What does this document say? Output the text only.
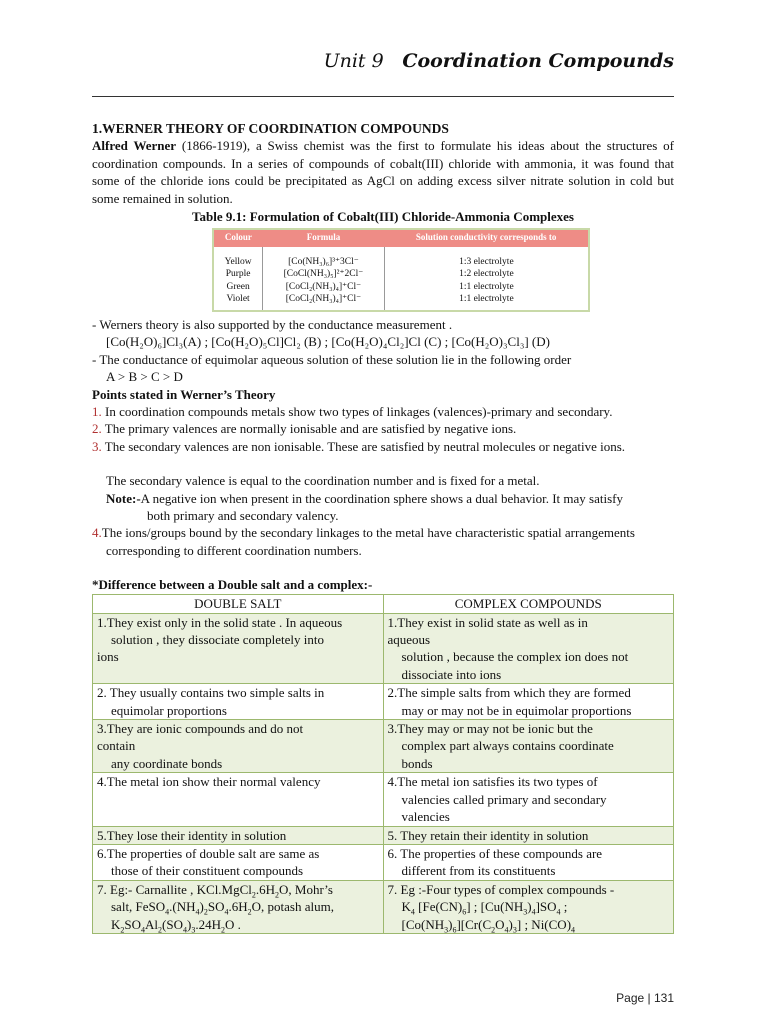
Unit 9 Coordination Compounds
1.WERNER THEORY OF COORDINATION COMPOUNDS
Alfred Werner (1866-1919), a Swiss chemist was the first to formulate his ideas about the structures of coordination compounds. In a series of compounds of cobalt(III) chloride with ammonia, it was found that some of the chloride ions could be precipitated as AgCl on adding excess silver nitrate solution in cold but some remained in solution.
Table 9.1: Formulation of Cobalt(III) Chloride-Ammonia Complexes
Colour	Formula	Solution conductivity corresponds to
Yellow	[Co(NH₃)₆]³⁺3Cl⁻	1:3 electrolyte
Purple	[CoCl(NH₃)₅]²⁺2Cl⁻	1:2 electrolyte
Green	[CoCl₂(NH₃)₄]⁺Cl⁻	1:1 electrolyte
Violet	[CoCl₂(NH₃)₄]⁺Cl⁻	1:1 electrolyte
- Werners theory is also supported by the conductance measurement .
[Co(H₂O)₆]Cl₃(A) ; [Co(H₂O)₅Cl]Cl₂ (B) ; [Co(H₂O)₄Cl₂]Cl (C) ; [Co(H₂O)₃Cl₃] (D)
- The conductance of equimolar aqueous solution of these solution lie in the following order
A > B > C > D
Points stated in Werner’s Theory
1. In coordination compounds metals show two types of linkages (valences)-primary and secondary.
2. The primary valences are normally ionisable and are satisfied by negative ions.
3. The secondary valences are non ionisable. These are satisfied by neutral molecules or negative ions.
The secondary valence is equal to the coordination number and is fixed for a metal.
Note:-A negative ion when present in the coordination sphere shows a dual behavior. It may satisfy
both primary and secondary valency.
4.The ions/groups bound by the secondary linkages to the metal have characteristic spatial arrangements
corresponding to different coordination numbers.
*Difference between a Double salt and a complex:-
DOUBLE SALT	COMPLEX COMPOUNDS

1.They exist only in the solid state . In aqueous
solution , they dissociate completely into
ions	1.They exist in solid state as well as in
aqueous
solution , because the complex ion does not
dissociate into ions

2. They usually contains two simple salts in
equimolar proportions	2.The simple salts from which they are formed
may or may not be in equimolar proportions

3.They are ionic compounds and do not
contain
any coordinate bonds	3.They may or may not be ionic but the
complex part always contains coordinate
bonds

4.The metal ion show their normal valency	4.The metal ion satisfies its two types of
valencies called primary and secondary
valencies

5.They lose their identity in solution	5. They retain their identity in solution

6.The properties of double salt are same as
those of their constituent compounds	6. The properties of these compounds are
different from its constituents

7. Eg:- Carnallite , $KCl.MgCl_2.6H_2O$, Mohr’s
salt, $FeSO_4.(NH_4)_2SO_4.6H_2O$, potash alum,
$K_2SO_4Al_2(SO_4)_3.24H_2O$ .	7. Eg :-Four types of complex compounds -
$K_4$ $[Fe(CN)_6]$ ; $[Cu(NH_3)_4]SO_4$ ;
$[Co(NH_3)_6][Cr(C_2O_4)_3]$ ; $Ni(CO)_4$
Page | 131
